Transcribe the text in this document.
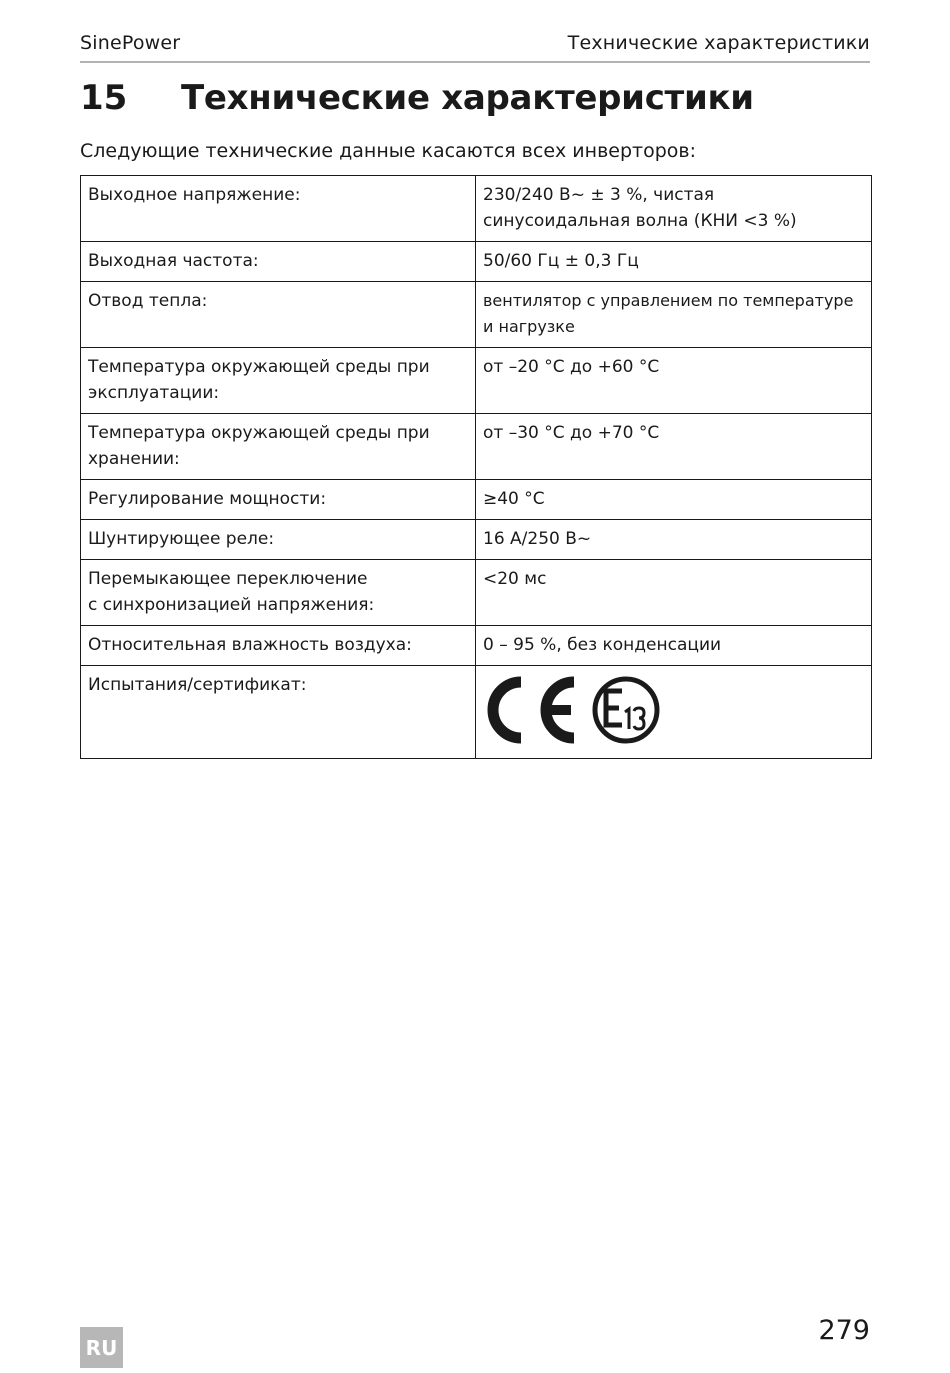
SinePower	Технические характеристики
15 Технические характеристики
Следующие технические данные касаются всех инверторов:
Выходное напряжение:	230/240 В~ ± 3 %, чистая
синусоидальная волна (КНИ <3 %)
Выходная частота:	50/60 Гц ± 0,3 Гц
Отвод тепла:	вентилятор с управлением по температуре
и нагрузке
Температура окружающей среды при
эксплуатации:	от –20 °C до +60 °C
Температура окружающей среды при
хранении:	от –30 °C до +70 °C
Регулирование мощности:	≥40 °C
Шунтирующее реле:	16 А/250 В~
Перемыкающее переключение
с синхронизацией напряжения:	<20 мс
Относительная влажность воздуха:	0 – 95 %, без конденсации
Испытания/сертификат:	
279
RU
